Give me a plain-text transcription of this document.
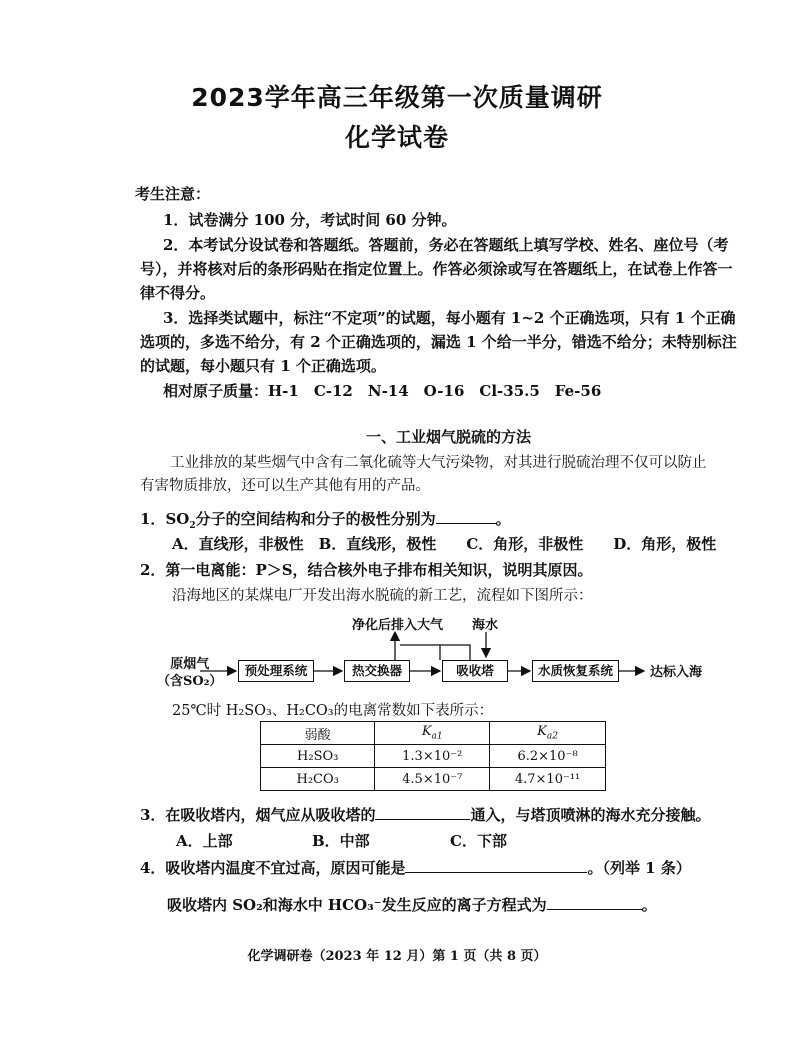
2023学年高三年级第一次质量调研
化学试卷
考生注意：
1．试卷满分 100 分，考试时间 60 分钟。
2．本考试分设试卷和答题纸。答题前，务必在答题纸上填写学校、姓名、座位号（考
号），并将核对后的条形码贴在指定位置上。作答必须涂或写在答题纸上，在试卷上作答一
律不得分。
3．选择类试题中，标注“不定项”的试题，每小题有 1~2 个正确选项，只有 1 个正确
选项的，多选不给分，有 2 个正确选项的，漏选 1 个给一半分，错选不给分；未特别标注
的试题，每小题只有 1 个正确选项。
相对原子质量：H-1　C-12　N-14　O-16　Cl-35.5　Fe-56
一、工业烟气脱硫的方法
工业排放的某些烟气中含有二氧化硫等大气污染物，对其进行脱硫治理不仅可以防止
有害物质排放，还可以生产其他有用的产品。
1．$SO_2$分子的空间结构和分子的极性分别为	。
A．直线形，非极性　B．直线形，极性　　C．角形，非极性　　D．角形，极性
2．第一电离能：P＞S，结合核外电子排布相关知识，说明其原因。
沿海地区的某煤电厂开发出海水脱硫的新工艺，流程如下图所示：
原烟气
（含SO₂）
预处理系统	热交换器	吸收塔	水质恢复系统	达标入海
净化后排入大气 海水
25℃时 H₂SO₃、H₂CO₃的电离常数如下表所示：
弱酸	$K_{a1}$	$K_{a2}$
H₂SO₃	1.3×10⁻²	6.2×10⁻⁸
H₂CO₃	4.5×10⁻⁷	4.7×10⁻¹¹
3．在吸收塔内，烟气应从吸收塔的	通入，与塔顶喷淋的海水充分接触。
A．上部	B．中部	C．下部
4．吸收塔内温度不宜过高，原因可能是	。（列举 1 条）
吸收塔内 SO₂和海水中 HCO₃⁻发生反应的离子方程式为	。
化学调研卷（2023 年 12 月）第 1 页（共 8 页）
